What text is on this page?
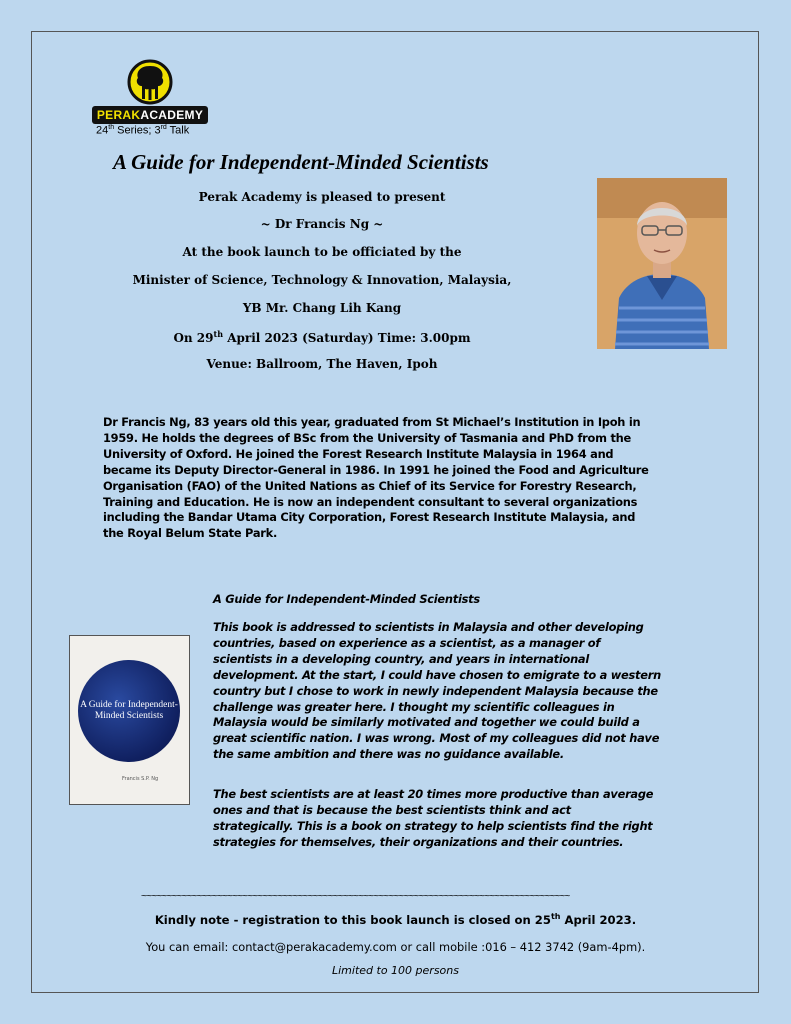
PERAK ACADEMY
24th Series; 3rd Talk
A Guide for Independent-Minded Scientists
Perak Academy is pleased to present
~ Dr Francis Ng ~
At the book launch to be officiated by the
Minister of Science, Technology & Innovation, Malaysia,
YB Mr. Chang Lih Kang
On 29th April 2023 (Saturday) Time: 3.00pm
Venue: Ballroom, The Haven, Ipoh
Dr Francis Ng, 83 years old this year, graduated from St Michael’s Institution in Ipoh in
1959. He holds the degrees of BSc from the University of Tasmania and PhD from the
University of Oxford. He joined the Forest Research Institute Malaysia in 1964 and
became its Deputy Director-General in 1986. In 1991 he joined the Food and Agriculture
Organisation (FAO) of the United Nations as Chief of its Service for Forestry Research,
Training and Education. He is now an independent consultant to several organizations
including the Bandar Utama City Corporation, Forest Research Institute Malaysia, and
the Royal Belum State Park.
A Guide for Independent-Minded Scientists
Francis S.P. Ng
A Guide for Independent-Minded Scientists
This book is addressed to scientists in Malaysia and other developing
countries, based on experience as a scientist, as a manager of
scientists in a developing country, and years in international
development. At the start, I could have chosen to emigrate to a western
country but I chose to work in newly independent Malaysia because the
challenge was greater here. I thought my scientific colleagues in
Malaysia would be similarly motivated and together we could build a
great scientific nation. I was wrong. Most of my colleagues did not have
the same ambition and there was no guidance available.
The best scientists are at least 20 times more productive than average
ones and that is because the best scientists think and act
strategically. This is a book on strategy to help scientists find the right
strategies for themselves, their organizations and their countries.
~~~~~~~~~~~~~~~~~~~~~~~~~~~~~~~~~~~~~~~~~~~~~~~~~~~~~~~~~~~~~~~~~~~~~~~~~~~~~~~~~~~~~
Kindly note - registration to this book launch is closed on 25th April 2023.
You can email: contact@perakacademy.com or call mobile :016 – 412 3742 (9am-4pm).
Limited to 100 persons
